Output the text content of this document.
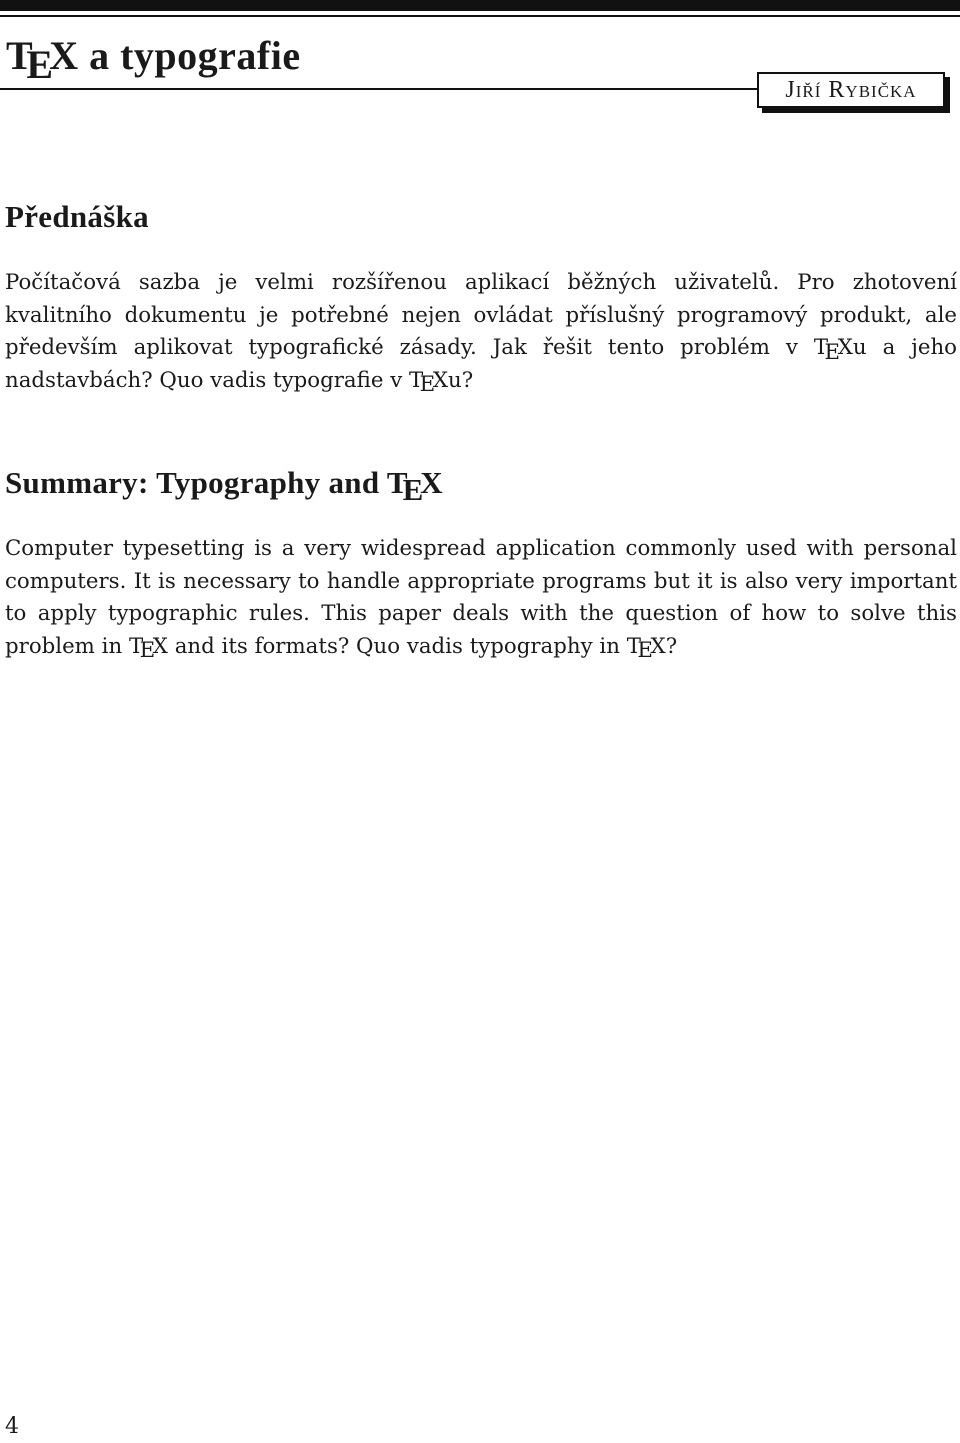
TEX a typografie
Jiří Rybička
Přednáška

Počítačová sazba je velmi rozšířenou aplikací běžných uživatelů. Pro zhotovení kvalitního dokumentu je potřebné nejen ovládat příslušný programový produkt, ale především aplikovat typografické zásady. Jak řešit tento problém v TEXu a jeho nadstavbách? Quo vadis typografie v TEXu?

Summary: Typography and TEX

Computer typesetting is a very widespread application commonly used with personal computers. It is necessary to handle appropriate programs but it is also very important to apply typographic rules. This paper deals with the question of how to solve this problem in TEX and its formats? Quo vadis typography in TEX?

4
